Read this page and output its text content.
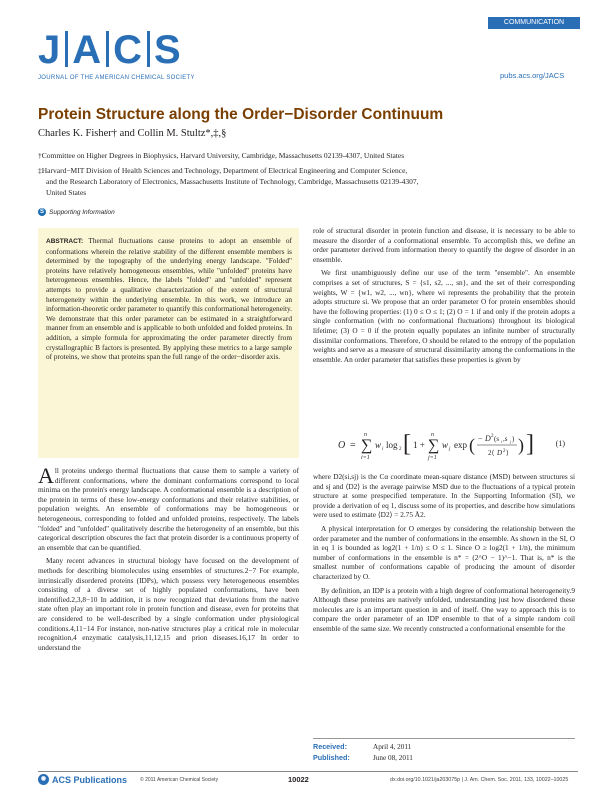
J A C S
JOURNAL OF THE AMERICAN CHEMICAL SOCIETY
COMMUNICATION
pubs.acs.org/JACS
Protein Structure along the Order−Disorder Continuum
Charles K. Fisher† and Collin M. Stultz*,‡,§
†Committee on Higher Degrees in Biophysics, Harvard University, Cambridge, Massachusetts 02139-4307, United States
‡Harvard−MIT Division of Health Sciences and Technology, Department of Electrical Engineering and Computer Science,
and the Research Laboratory of Electronics, Massachusetts Institute of Technology, Cambridge, Massachusetts 02139-4307,
United States
S Supporting Information
ABSTRACT: Thermal fluctuations cause proteins to adopt an ensemble of conformations wherein the relative stability of the different ensemble members is determined by the topography of the underlying energy landscape. "Folded" proteins have relatively homogeneous ensembles, while "unfolded" proteins have heterogeneous ensembles. Hence, the labels "folded" and "unfolded" represent attempts to provide a qualitative characterization of the extent of structural heterogeneity within the underlying ensemble. In this work, we introduce an information-theoretic order parameter to quantify this conformational heterogeneity. We demonstrate that this order parameter can be estimated in a straightforward manner from an ensemble and is applicable to both unfolded and folded proteins. In addition, a simple formula for approximating the order parameter directly from crystallographic B factors is presented. By applying these metrics to a large sample of proteins, we show that proteins span the full range of the order−disorder axis.

A ll proteins undergo thermal fluctuations that cause them to sample a variety of different conformations, where the dominant conformations correspond to local minima on the protein's energy landscape. A conformational ensemble is a description of the protein in terms of these low-energy conformations and their relative stabilities, or population weights. An ensemble of conformations may be homogeneous or heterogeneous, corresponding to folded and unfolded proteins, respectively. The labels "folded" and "unfolded" qualitatively describe the heterogeneity of an ensemble, but this categorical description obscures the fact that protein disorder is a continuous property of an ensemble that can be quantified.

Many recent advances in structural biology have focused on the development of methods for describing biomolecules using ensembles of structures.2−7 For example, intrinsically disordered proteins (IDPs), which possess very heterogeneous ensembles consisting of a diverse set of highly populated conformations, have been indentified.2,3,8−10 In addition, it is now recognized that deviations from the native state often play an important role in protein function and disease, even for proteins that are considered to be well-described by a single conformation under physiological conditions.4,11−14 For instance, non-native structures play a critical role in molecular recognition,4 enzymatic catalysis,11,12,15 and prion diseases.16,17 In order to understand the

role of structural disorder in protein function and disease, it is necessary to be able to measure the disorder of a conformational ensemble. To accomplish this, we define an order parameter derived from information theory to quantify the degree of disorder in an ensemble.

We first unambiguously define our use of the term "ensemble". An ensemble comprises a set of structures, S = {s1, s2, ..., sn}, and the set of their corresponding weights, W = {w1, w2, ..., wn}, where wi represents the probability that the protein adopts structure si. We propose that an order parameter O for protein ensembles should have the following properties: (1) 0 ≤ O ≤ 1; (2) O = 1 if and only if the protein adopts a single conformation (with no conformational fluctuations) throughout its biological lifetime; (3) O = 0 if the protein equally populates an infinite number of structurally dissimilar conformations. Therefore, O should be related to the entropy of the population weights and serve as a measure of structural dissimilarity among the conformations in the ensemble. An order parameter that satisfies these properties is given by

O = ∑
n
i=1
w i log 2 [ 1 + ∑
n
j=1
w j exp ( − D 2 (s i ,s j )
2⟨ D 2 ⟩ ) ]	(1)

where D2(si,sj) is the Cα coordinate mean-square distance (MSD) between structures si and sj and ⟨D2⟩ is the average pairwise MSD due to the fluctuations of a typical protein structure at some prespecified temperature. In the Supporting Information (SI), we provide a derivation of eq 1, discuss some of its properties, and describe how simulations were used to estimate ⟨D2⟩ = 2.75 Å2.

A physical interpretation for O emerges by considering the relationship between the order parameter and the number of conformations in the ensemble. As shown in the SI, O in eq 1 is bounded as log2(1 + 1/n) ≤ O ≤ 1. Since O ≥ log2(1 + 1/n), the minimum number of conformations in the ensemble is n* = (2^O − 1)^−1. That is, n* is the smallest number of conformations capable of producing the amount of disorder characterized by O.

By definition, an IDP is a protein with a high degree of conformational heterogeneity.9 Although these proteins are natively unfolded, understanding just how disordered these molecules are is an important question in and of itself. One way to approach this is to compare the order parameter of an IDP ensemble to that of a simple random coil ensemble of the same size. We recently constructed a conformational ensemble for the

Received:	April 4, 2011
Published:	June 08, 2011
◉ ACS Publications	© 2011 American Chemical Society	10022	dx.doi.org/10.1021/ja203075p | J. Am. Chem. Soc. 2011, 133, 10022–10025
